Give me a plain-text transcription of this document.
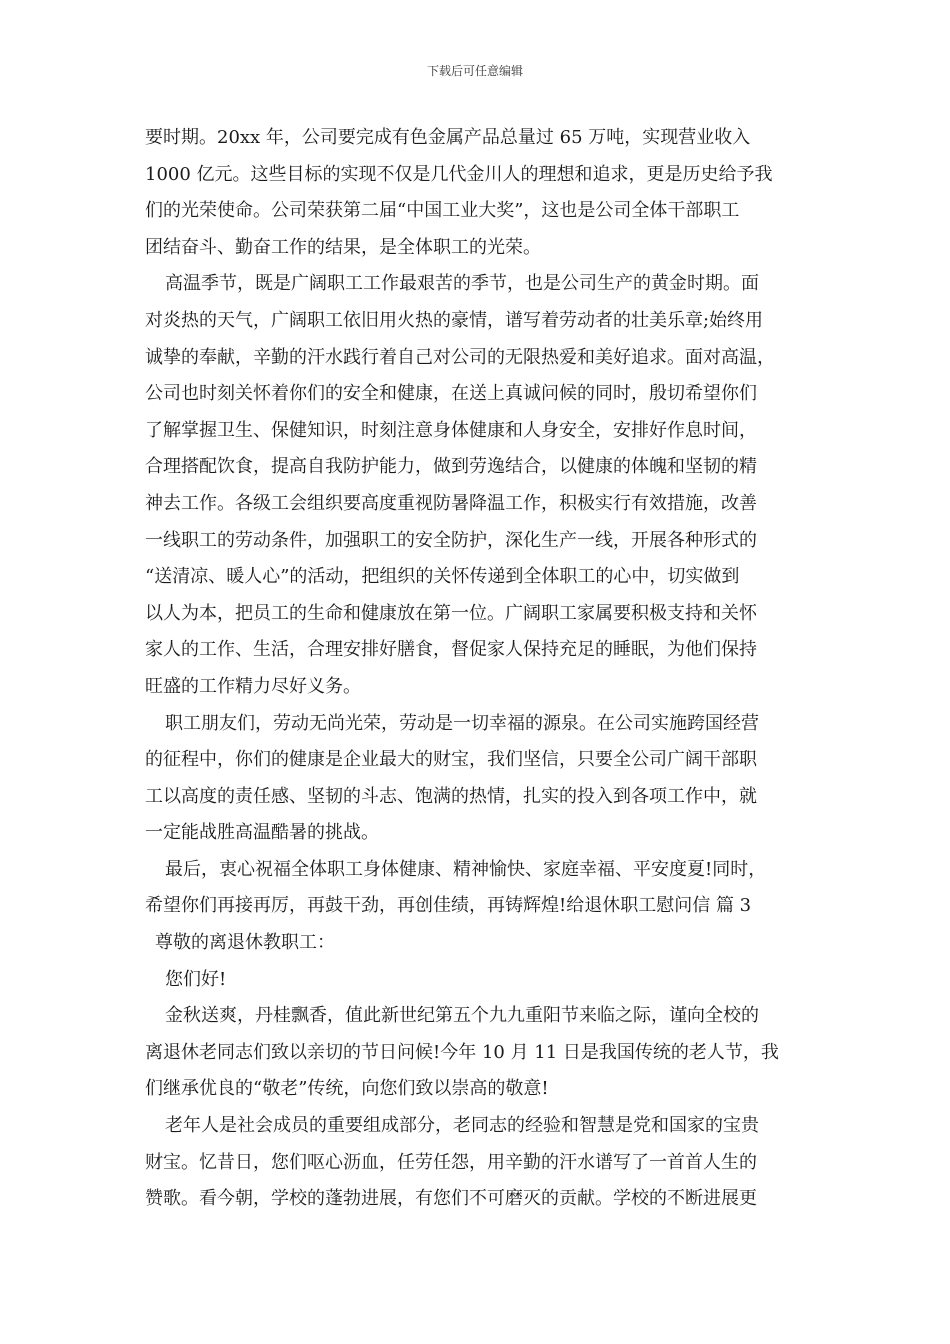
下载后可任意编辑
要时期。20xx 年，公司要完成有色金属产品总量过 65 万吨，实现营业收入
1000 亿元。这些目标的实现不仅是几代金川人的理想和追求，更是历史给予我
们的光荣使命。公司荣获第二届“中国工业大奖”，这也是公司全体干部职工
团结奋斗、勤奋工作的结果，是全体职工的光荣。
高温季节，既是广阔职工工作最艰苦的季节，也是公司生产的黄金时期。面
对炎热的天气，广阔职工依旧用火热的豪情，谱写着劳动者的壮美乐章;始终用
诚挚的奉献，辛勤的汗水践行着自己对公司的无限热爱和美好追求。面对高温，
公司也时刻关怀着你们的安全和健康，在送上真诚问候的同时，殷切希望你们
了解掌握卫生、保健知识，时刻注意身体健康和人身安全，安排好作息时间，
合理搭配饮食，提高自我防护能力，做到劳逸结合，以健康的体魄和坚韧的精
神去工作。各级工会组织要高度重视防暑降温工作，积极实行有效措施，改善
一线职工的劳动条件，加强职工的安全防护，深化生产一线，开展各种形式的
“送清凉、暖人心”的活动，把组织的关怀传递到全体职工的心中，切实做到
以人为本，把员工的生命和健康放在第一位。广阔职工家属要积极支持和关怀
家人的工作、生活，合理安排好膳食，督促家人保持充足的睡眠，为他们保持
旺盛的工作精力尽好义务。
职工朋友们，劳动无尚光荣，劳动是一切幸福的源泉。在公司实施跨国经营
的征程中，你们的健康是企业最大的财宝，我们坚信，只要全公司广阔干部职
工以高度的责任感、坚韧的斗志、饱满的热情，扎实的投入到各项工作中，就
一定能战胜高温酷暑的挑战。
最后，衷心祝福全体职工身体健康、精神愉快、家庭幸福、平安度夏!同时，
希望你们再接再厉，再鼓干劲，再创佳绩，再铸辉煌!给退休职工慰问信 篇 3
尊敬的离退休教职工：
您们好!
金秋送爽，丹桂飘香，值此新世纪第五个九九重阳节来临之际，谨向全校的
离退休老同志们致以亲切的节日问候!今年 10 月 11 日是我国传统的老人节，我
们继承优良的“敬老”传统，向您们致以崇高的敬意!
老年人是社会成员的重要组成部分，老同志的经验和智慧是党和国家的宝贵
财宝。忆昔日，您们呕心沥血，任劳任怨，用辛勤的汗水谱写了一首首人生的
赞歌。看今朝，学校的蓬勃进展，有您们不可磨灭的贡献。学校的不断进展更
